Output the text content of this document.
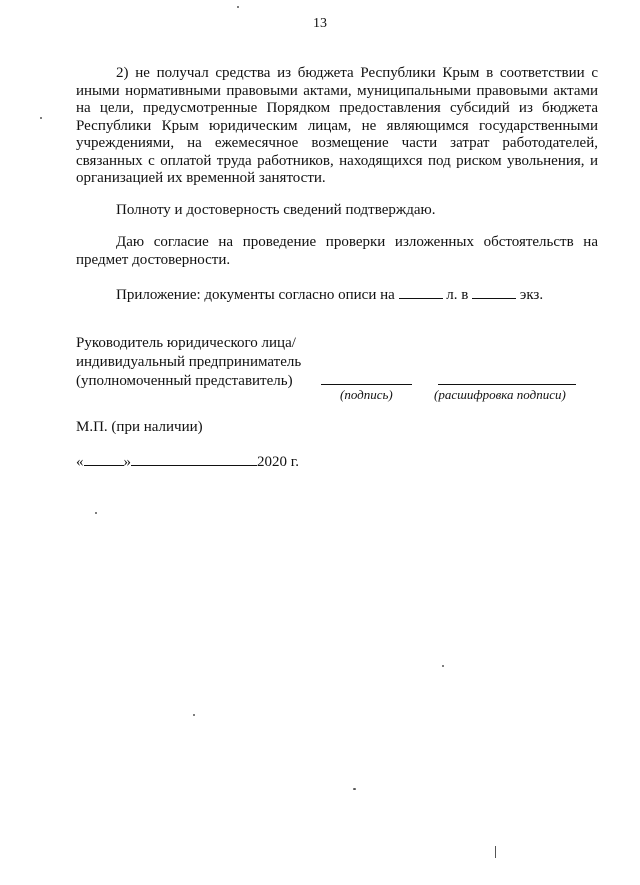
13

2) не получал средства из бюджета Республики Крым в соответствии с
иными нормативными правовыми актами, муниципальными правовыми актами
на цели, предусмотренные Порядком предоставления субсидий из бюджета
Республики Крым юридическим лицам, не являющимся государственными
учреждениями, на ежемесячное возмещение части затрат работодателей,
связанных с оплатой труда работников, находящихся под риском увольнения, и
организацией их временной занятости.

Полноту и достоверность сведений подтверждаю.

Даю согласие на проведение проверки изложенных обстоятельств на
предмет достоверности.

Приложение: документы согласно описи на	л. в	экз.

Руководитель юридического лица/
индивидуальный предприниматель
(уполномоченный представитель)
(подпись)	(расшифровка подписи)
М.П. (при наличии)
«	»	2020 г.
